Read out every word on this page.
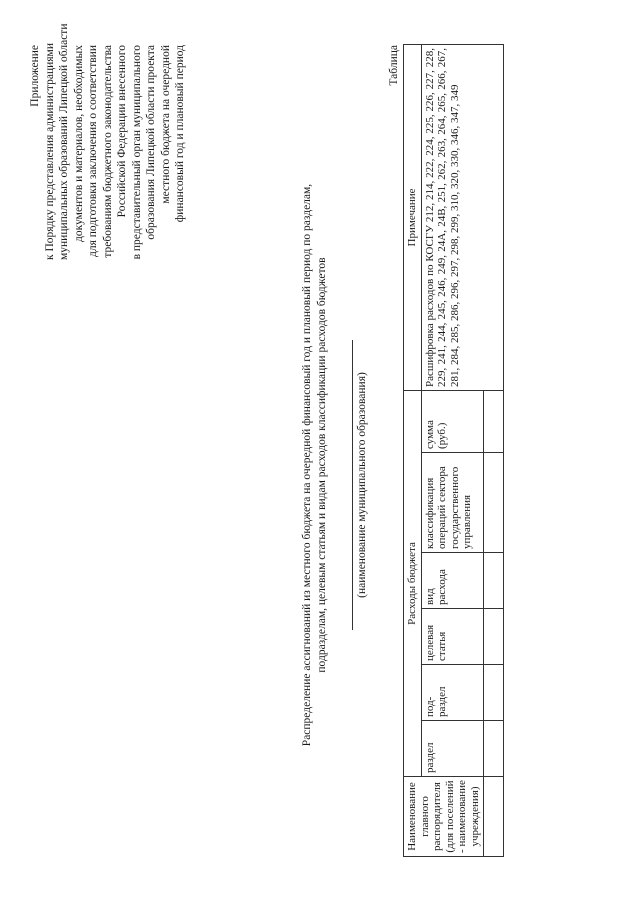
Приложение к Порядку представления администрациями муниципальных образований Липецкой области документов и материалов, необходимых для подготовки заключения о соответствии требованиям бюджетного законодательства Российской Федерации внесенного в представительный орган муниципального образования Липецкой области проекта местного бюджета на очередной финансовый год и плановый период
Распределение ассигнований из местного бюджета на очередной финансовый год и плановый период по разделам, подразделам, целевым статьям и видам расходов классификации расходов бюджетов (наименование муниципального образования)
Таблица
Наименование главного распорядителя (для поселений - наименование учреждения)	Расходы бюджета						Примечание
	раздел	под-раздел	целевая статья	вид расхода	классификация операций сектора государственного управления	сумма (руб.)	Расшифровка расходов по КОСГУ 212, 214, 222, 224, 225, 226, 227, 228, 229, 241, 244, 245, 246, 249, 24А, 24В, 251, 262, 263, 264, 265, 266, 267, 281, 284, 285, 286, 296, 297, 298, 299, 310, 320, 330, 346, 347, 349
